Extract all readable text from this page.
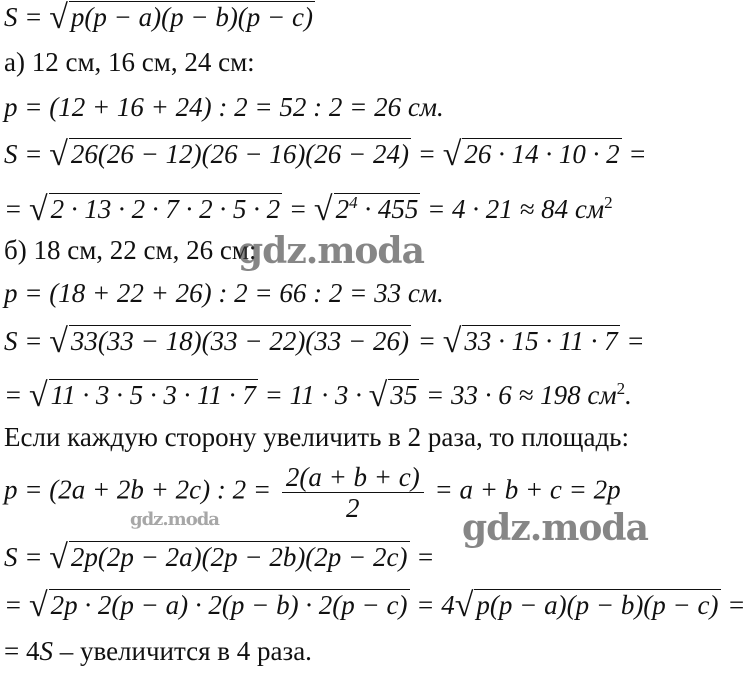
S = √ p(p − a)(p − b)(p − c)
а) 12 см, 16 см, 24 см:
p = (12 + 16 + 24) : 2 = 52 : 2 = 26 см.
S = √ 26(26 − 12)(26 − 16)(26 − 24) = √ 26 · 14 · 10 · 2 =
= √ 2 · 13 · 2 · 7 · 2 · 5 · 2 = √ $2^4 \cdot 455 = 4 \cdot 21 \approx 84$ $см^2$
б) 18 см, 22 см, 26 см:
p = (18 + 22 + 26) : 2 = 66 : 2 = 33 см.
S = √ 33(33 − 18)(33 − 22)(33 − 26) = √ 33 · 15 · 11 · 7 =
= √ 11 · 3 · 5 · 3 · 11 · 7 = 11 · 3 · √ 35 = 33 · 6 ≈ 198 $см^2$.
Если каждую сторону увеличить в 2 раза, то площадь:
p = (2a + 2b + 2c) : $2 = \frac{2(a + b + c)}{2} = a + b + c = 2p$
S = √ 2p(2p − 2a)(2p − 2b)(2p − 2c) =
= √ 2p · 2(p − a) · 2(p − b) · 2(p − c) = 4√ p(p − a)(p − b)(p − c) =
= 4S – увеличится в 4 раза.
gdz.moda
gdz.moda
gdz.moda
